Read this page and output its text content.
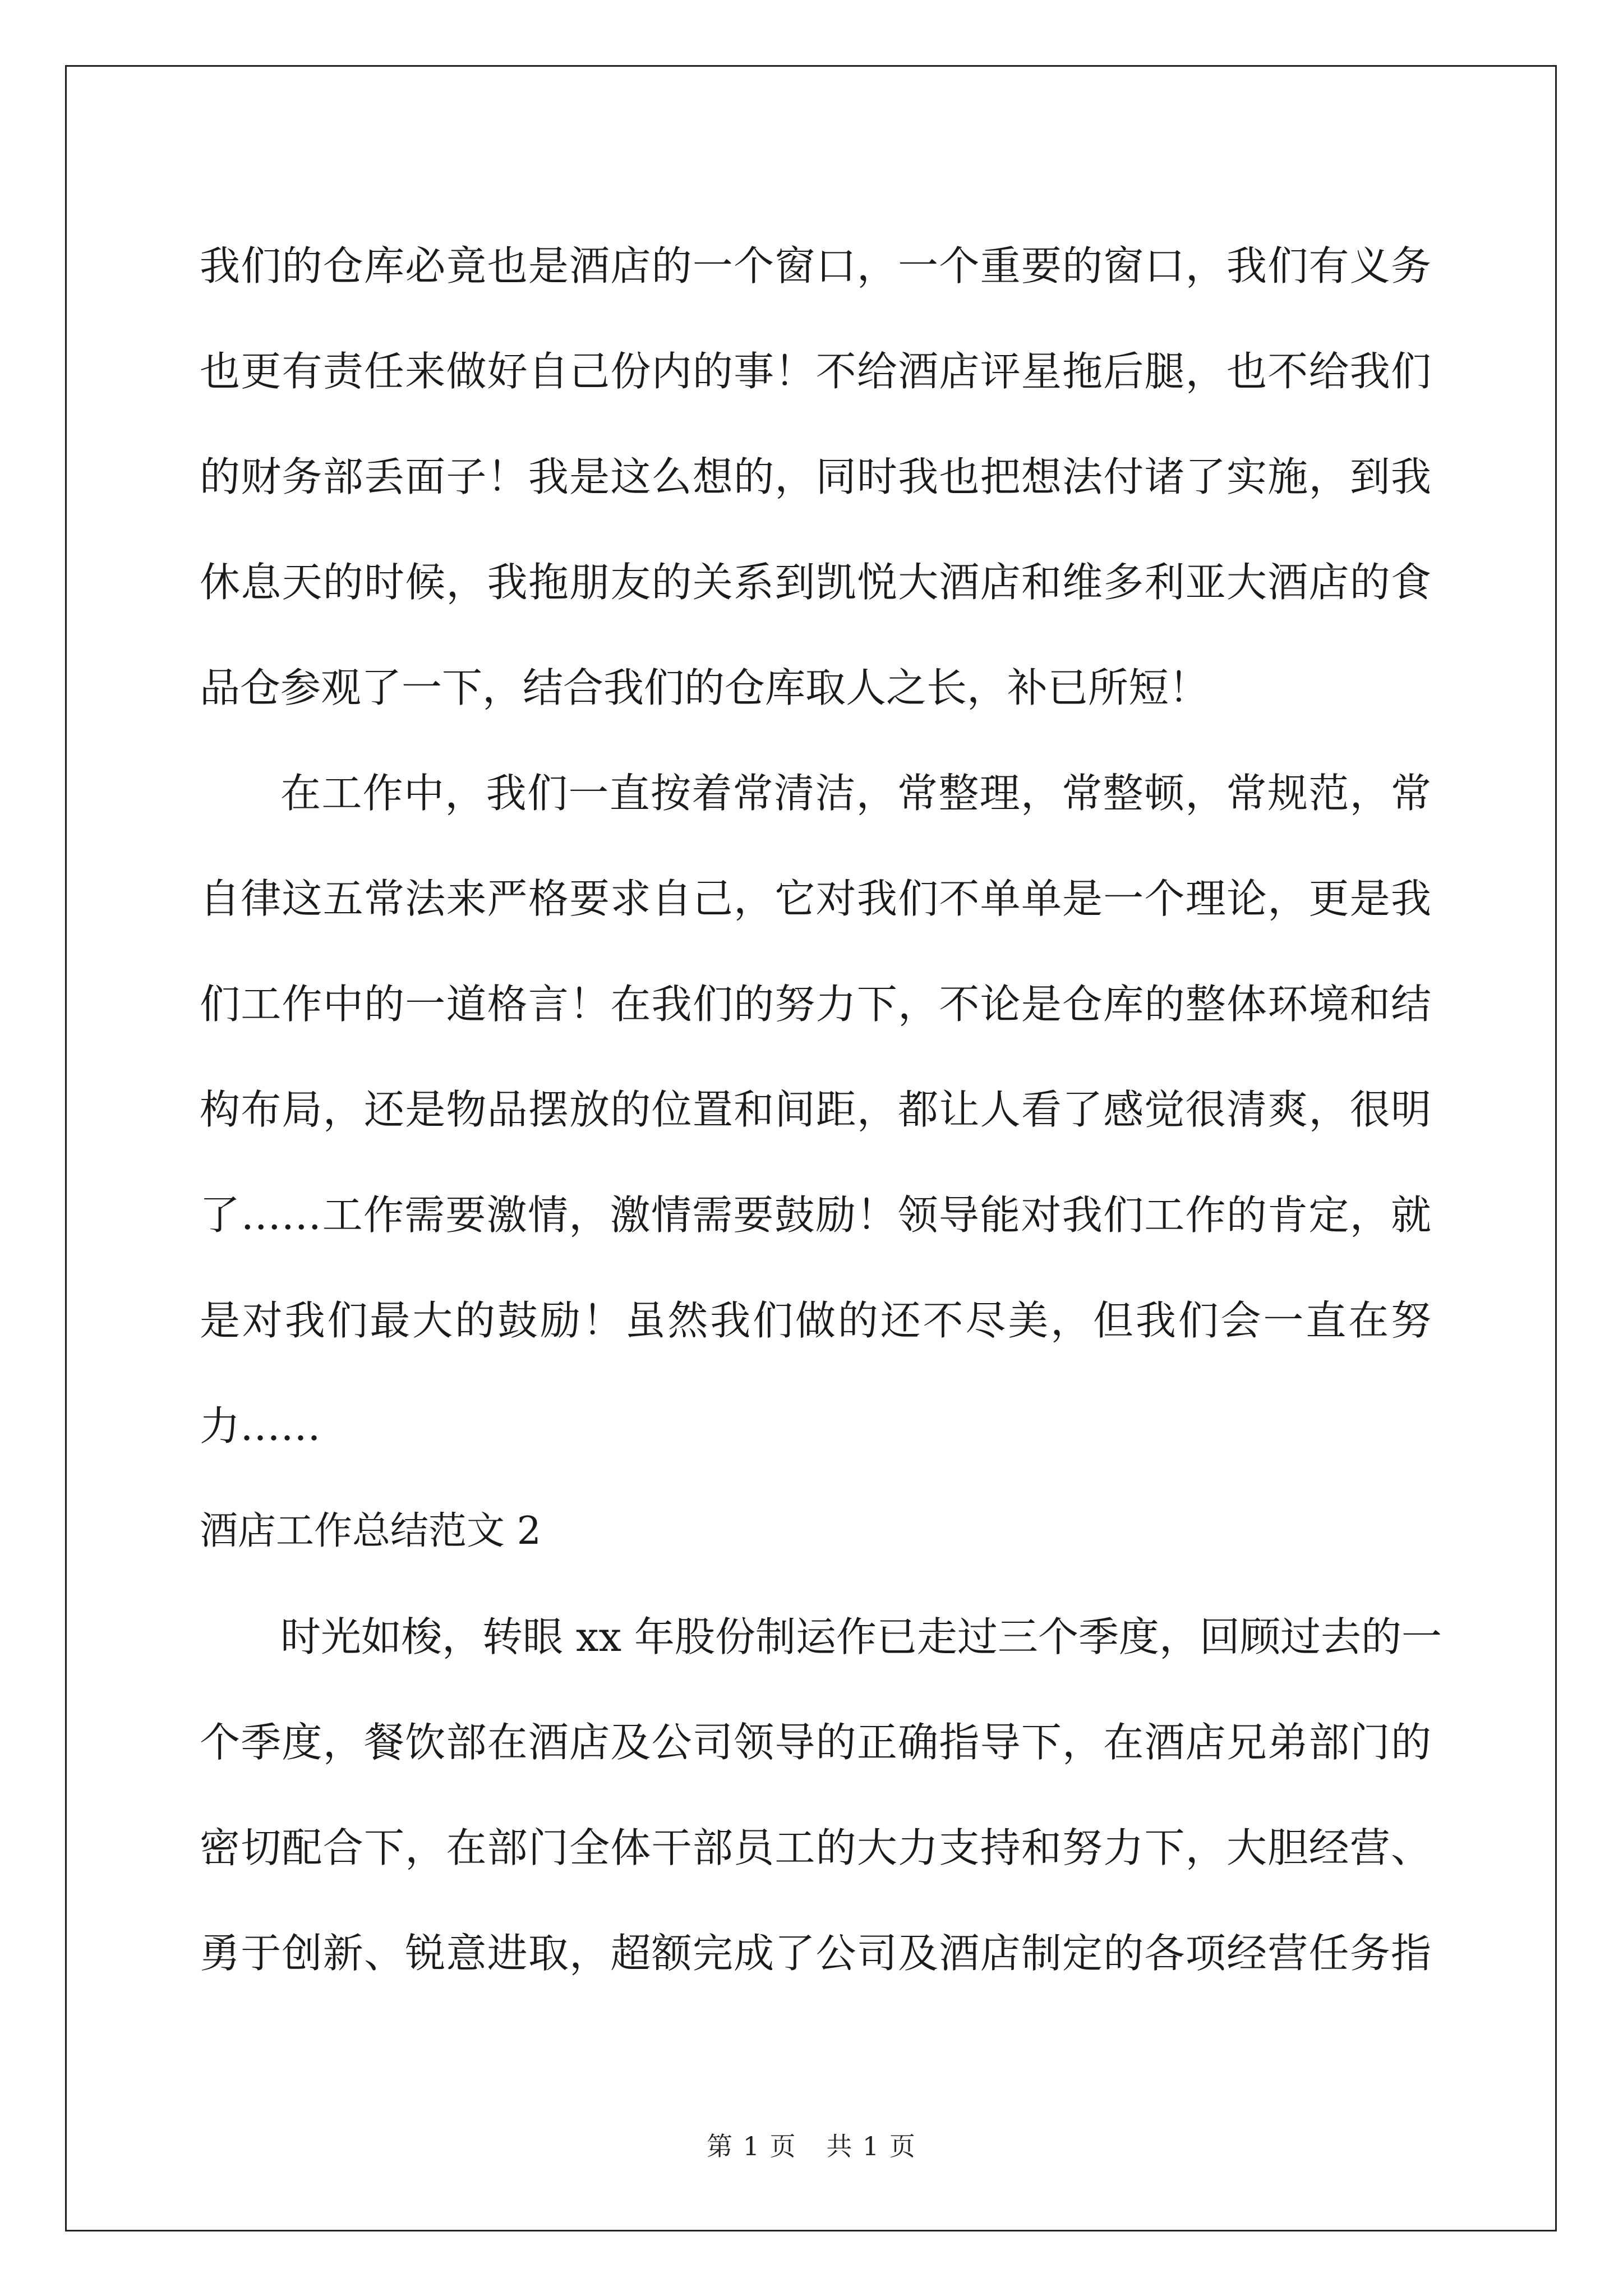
我们的仓库必竟也是酒店的一个窗口，一个重要的窗口，我们有义务
也更有责任来做好自己份内的事！不给酒店评星拖后腿，也不给我们
的财务部丢面子！我是这么想的，同时我也把想法付诸了实施，到我
休息天的时候，我拖朋友的关系到凯悦大酒店和维多利亚大酒店的食
品仓参观了一下，结合我们的仓库取人之长，补已所短！
在工作中，我们一直按着常清洁，常整理，常整顿，常规范，常
自律这五常法来严格要求自己，它对我们不单单是一个理论，更是我
们工作中的一道格言！在我们的努力下，不论是仓库的整体环境和结
构布局，还是物品摆放的位置和间距，都让人看了感觉很清爽，很明
了……工作需要激情，激情需要鼓励！领导能对我们工作的肯定，就
是对我们最大的鼓励！虽然我们做的还不尽美，但我们会一直在努
力……
酒店工作总结范文 2
时光如梭，转眼 xx 年股份制运作已走过三个季度，回顾过去的一
个季度，餐饮部在酒店及公司领导的正确指导下，在酒店兄弟部门的
密切配合下，在部门全体干部员工的大力支持和努力下，大胆经营、
勇于创新、锐意进取，超额完成了公司及酒店制定的各项经营任务指
第 1 页 共 1 页
